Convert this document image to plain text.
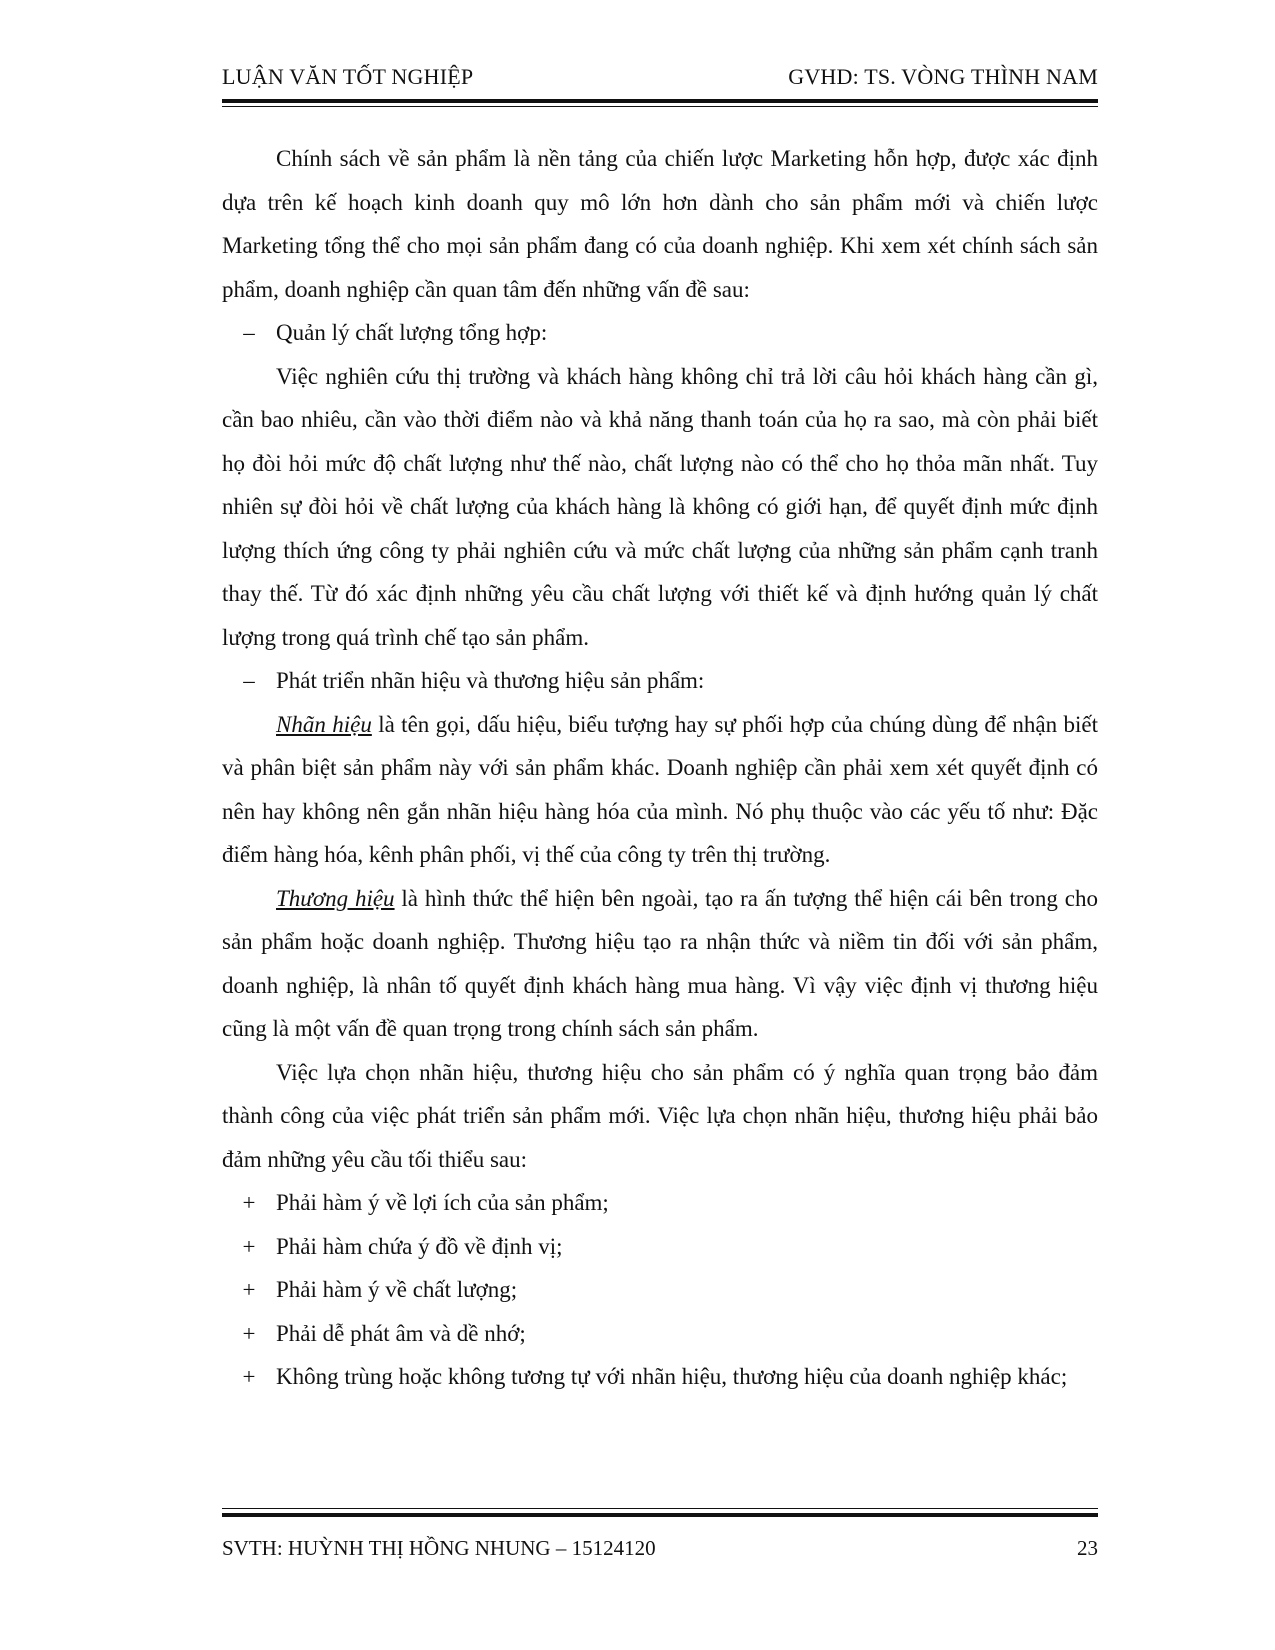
LUẬN VĂN TỐT NGHIỆP	GVHD: TS. VÒNG THÌNH NAM

Chính sách về sản phẩm là nền tảng của chiến lược Marketing hỗn hợp, được xác định dựa trên kế hoạch kinh doanh quy mô lớn hơn dành cho sản phẩm mới và chiến lược Marketing tổng thể cho mọi sản phẩm đang có của doanh nghiệp. Khi xem xét chính sách sản phẩm, doanh nghiệp cần quan tâm đến những vấn đề sau:

– Quản lý chất lượng tổng hợp:

Việc nghiên cứu thị trường và khách hàng không chỉ trả lời câu hỏi khách hàng cần gì, cần bao nhiêu, cần vào thời điểm nào và khả năng thanh toán của họ ra sao, mà còn phải biết họ đòi hỏi mức độ chất lượng như thế nào, chất lượng nào có thể cho họ thỏa mãn nhất. Tuy nhiên sự đòi hỏi về chất lượng của khách hàng là không có giới hạn, để quyết định mức định lượng thích ứng công ty phải nghiên cứu và mức chất lượng của những sản phẩm cạnh tranh thay thế. Từ đó xác định những yêu cầu chất lượng với thiết kế và định hướng quản lý chất lượng trong quá trình chế tạo sản phẩm.

– Phát triển nhãn hiệu và thương hiệu sản phẩm:

Nhãn hiệu là tên gọi, dấu hiệu, biểu tượng hay sự phối hợp của chúng dùng để nhận biết và phân biệt sản phẩm này với sản phẩm khác. Doanh nghiệp cần phải xem xét quyết định có nên hay không nên gắn nhãn hiệu hàng hóa của mình. Nó phụ thuộc vào các yếu tố như: Đặc điểm hàng hóa, kênh phân phối, vị thế của công ty trên thị trường.

Thương hiệu là hình thức thể hiện bên ngoài, tạo ra ấn tượng thể hiện cái bên trong cho sản phẩm hoặc doanh nghiệp. Thương hiệu tạo ra nhận thức và niềm tin đối với sản phẩm, doanh nghiệp, là nhân tố quyết định khách hàng mua hàng. Vì vậy việc định vị thương hiệu cũng là một vấn đề quan trọng trong chính sách sản phẩm.

Việc lựa chọn nhãn hiệu, thương hiệu cho sản phẩm có ý nghĩa quan trọng bảo đảm thành công của việc phát triển sản phẩm mới. Việc lựa chọn nhãn hiệu, thương hiệu phải bảo đảm những yêu cầu tối thiểu sau:

+ Phải hàm ý về lợi ích của sản phẩm;
+ Phải hàm chứa ý đồ về định vị;
+ Phải hàm ý về chất lượng;
+ Phải dễ phát âm và dề nhớ;

+ Không trùng hoặc không tương tự với nhãn hiệu, thương hiệu của doanh nghiệp khác;

SVTH: HUỲNH THỊ HỒNG NHUNG – 15124120	23
